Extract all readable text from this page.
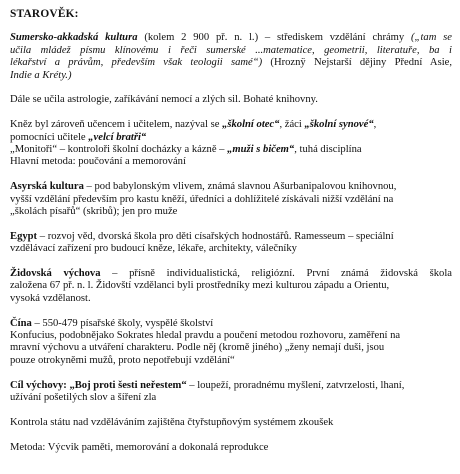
STAROVĚK:
Sumersko-akkadská kultura (kolem 2 900 př. n. l.) – střediskem vzdělání chrámy („tam se
učila mládež písmu klínovému i řeči sumerské ...matematice, geometrii, literatuře, ba i
lékařství a právům, především však teologii samé“) (Hroznÿ Nejstarší dějiny Přední Asie,
Indie a Kréty.)
Dále se učila astrologie, zaříkávání nemocí a zlých sil. Bohaté knihovny.
Kněz byl zároveň učencem i učitelem, nazýval se „školní otec“, žáci „školní synové“,
pomocníci učitele „velcí bratři“
„Monitoři“ – kontroloři školní docházky a kázně – „muži s bičem“, tuhá disciplína
Hlavní metoda: poučování a memorování
Asyrská kultura – pod babylonským vlivem, známá slavnou Ašurbanipalovou knihovnou,
vyšší vzdělání především pro kastu kněží, úředníci a dohlížitelé získávali nižší vzdělání na
„školách písařů“ (skribů); jen pro muže
Egypt – rozvoj věd, dvorská škola pro děti císařských hodnostářů. Ramesseum – speciální
vzdělávací zařízení pro budoucí kněze, lékaře, architekty, válečníky
Židovská výchova – přísně individualistická, religiózní. První známá židovská škola
založena 67 př. n. l. Židovští vzdělanci byli prostředníky mezi kulturou západu a Orientu,
vysoká vzdělanost.
Čína – 550-479 písařské školy, vyspělé školství
Konfucius, podobnějako Sokrates hledal pravdu a poučení metodou rozhovoru, zaměření na
mravní výchovu a utváření charakteru. Podle něj (kromě jiného) „ženy nemají duši, jsou
pouze otrokyněmi mužů, proto nepotřebují vzdělání“
Cíl výchovy: „Boj proti šesti neřestem“ – loupeží, proradnému myšlení, zatvrzelosti, lhaní,
užívání pošetilých slov a šíření zla
Kontrola státu nad vzděláváním zajištěna čtyřstupňovým systémem zkoušek
Metoda: Výcvik paměti, memorování a dokonalá reprodukce
